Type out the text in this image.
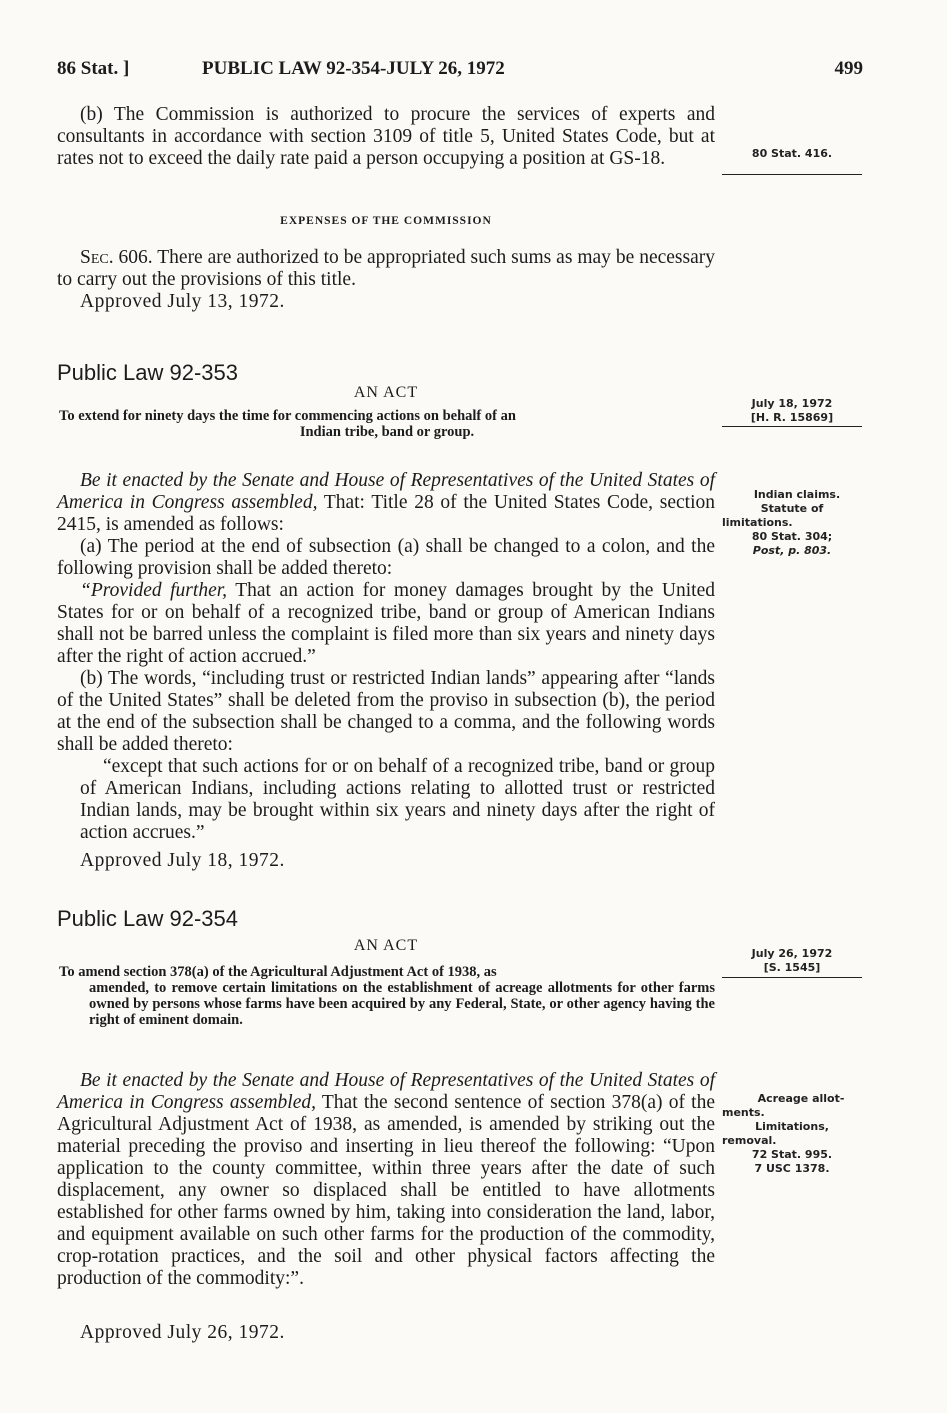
86 Stat. ]	PUBLIC LAW 92-354-JULY 26, 1972	499

(b) The Commission is authorized to procure the services of experts and consultants in accordance with section 3109 of title 5, United States Code, but at rates not to exceed the daily rate paid a person occupying a position at GS-18.

EXPENSES OF THE COMMISSION

Sec. 606. There are authorized to be appropriated such sums as may be necessary to carry out the provisions of this title.

Approved July 13, 1972.

Public Law 92-353

AN ACT

To extend for ninety days the time for commencing actions on behalf of an
Indian tribe, band or group.

Be it enacted by the Senate and House of Representatives of the United States of America in Congress assembled, That: Title 28 of the United States Code, section 2415, is amended as follows:

(a) The period at the end of subsection (a) shall be changed to a colon, and the following provision shall be added thereto:

“Provided further, That an action for money damages brought by the United States for or on behalf of a recognized tribe, band or group of American Indians shall not be barred unless the complaint is filed more than six years and ninety days after the right of action accrued.”

(b) The words, “including trust or restricted Indian lands” appearing after “lands of the United States” shall be deleted from the proviso in subsection (b), the period at the end of the subsection shall be changed to a comma, and the following words shall be added thereto:

“except that such actions for or on behalf of a recognized tribe, band or group of American Indians, including actions relating to allotted trust or restricted Indian lands, may be brought within six years and ninety days after the right of action accrues.”

Approved July 18, 1972.

Public Law 92-354

AN ACT

To amend section 378(a) of the Agricultural Adjustment Act of 1938, as
amended, to remove certain limitations on the establishment of acreage allotments for other farms owned by persons whose farms have been acquired by any Federal, State, or other agency having the right of eminent domain.

Be it enacted by the Senate and House of Representatives of the United States of America in Congress assembled, That the second sentence of section 378(a) of the Agricultural Adjustment Act of 1938, as amended, is amended by striking out the material preceding the proviso and inserting in lieu thereof the following: “Upon application to the county committee, within three years after the date of such displacement, any owner so displaced shall be entitled to have allotments established for other farms owned by him, taking into consideration the land, labor, and equipment available on such other farms for the production of the commodity, crop-rotation practices, and the soil and other physical factors affecting the production of the commodity:”.

Approved July 26, 1972.

80 Stat. 416.
July 18, 1972
[H. R. 15869]
Indian claims.
Statute of
limitations.
80 Stat. 304;
Post, p. 803.
July 26, 1972
[S. 1545]
Acreage allot-
ments.
Limitations,
removal.
72 Stat. 995.
7 USC 1378.
